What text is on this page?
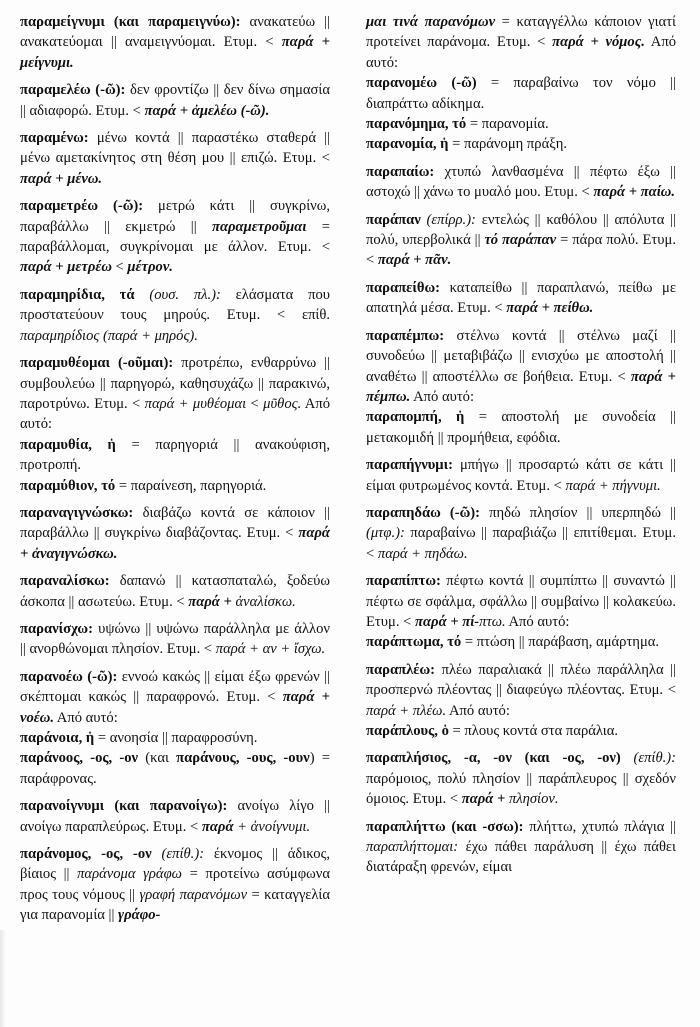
παραμείγνυμι (και παραμειγνύω): ανακατεύω || ανακατεύομαι || αναμειγνύομαι. Ετυμ. < παρά + μείγνυμι.

παραμελέω (-ῶ): δεν φροντίζω || δεν δίνω σημασία || αδιαφορώ. Ετυμ. < παρά + ἀμελέω (-ῶ).

παραμένω: μένω κοντά || παραστέκω σταθερά || μένω αμετακίνητος στη θέση μου || επιζώ. Ετυμ. < παρά + μένω.

παραμετρέω (-ῶ): μετρώ κάτι || συγκρίνω, παραβάλλω || εκμετρώ || παραμετροῦμαι = παραβάλλομαι, συγκρίνομαι με άλλον. Ετυμ. < παρά + μετρέω < μέτρον.

παραμηρίδια, τά (ουσ. πλ.): ελάσματα που προστατεύουν τους μηρούς. Ετυμ. < επίθ. παραμηρίδιος (παρά + μηρός).

παραμυθέομαι (-οῦμαι): προτρέπω, ενθαρρύνω || συμβουλεύω || παρηγορώ, καθησυχάζω || παρακινώ, παροτρύνω. Ετυμ. < παρά + μυθέομαι < μῦθος. Από αυτό:

παραμυθία, ἡ = παρηγοριά || ανακούφιση, προτροπή.

παραμύθιον, τό = παραίνεση, παρηγοριά.

παραναγιγνώσκω: διαβάζω κοντά σε κάποιον || παραβάλλω || συγκρίνω διαβάζοντας. Ετυμ. < παρά + ἀναγιγνώσκω.

παραναλίσκω: δαπανώ || κατασπαταλώ, ξοδεύω άσκοπα || ασωτεύω. Ετυμ. < παρά + ἀναλίσκω.

παρανίσχω: υψώνω || υψώνω παράλληλα με άλλον || ανορθώνομαι πλησίον. Ετυμ. < παρά + αν + ἴσχω.

παρανοέω (-ῶ): εννοώ κακώς || είμαι έξω φρενών || σκέπτομαι κακώς || παραφρονώ. Ετυμ. < παρά + νοέω. Από αυτό:

παράνοια, ἡ = ανοησία || παραφροσύνη.

παράνοος, -ος, -ον (και παράνους, -ους, -ουν) = παράφρονας.

παρανοίγνυμι (και παρανοίγω): ανοίγω λίγο || ανοίγω παραπλεύρως. Ετυμ. < παρά + ἀνοίγνυμι.

παράνομος, -ος, -ον (επίθ.): έκνομος || άδικος, βίαιος || παράνομα γράφω = προτείνω ασύμφωνα προς τους νόμους || γραφή παρανόμων = καταγγελία για παρανομία || γράφο-

μαι τινά παρανόμων = καταγγέλλω κάποιον γιατί προτείνει παράνομα. Ετυμ. < παρά + νόμος. Από αυτό:

παρανομέω (-ῶ) = παραβαίνω τον νόμο || διαπράττω αδίκημα.

παρανόμημα, τό = παρανομία.

παρανομία, ἡ = παράνομη πράξη.

παραπαίω: χτυπώ λανθασμένα || πέφτω έξω || αστοχώ || χάνω το μυαλό μου. Ετυμ. < παρά + παίω.

παράπαν (επίρρ.): εντελώς || καθόλου || απόλυτα || πολύ, υπερβολικά || τό παράπαν = πάρα πολύ. Ετυμ. < παρά + πᾶν.

παραπείθω: καταπείθω || παραπλανώ, πείθω με απατηλά μέσα. Ετυμ. < παρά + πείθω.

παραπέμπω: στέλνω κοντά || στέλνω μαζί || συνοδεύω || μεταβιβάζω || ενισχύω με αποστολή || αναθέτω || αποστέλλω σε βοήθεια. Ετυμ. < παρά + πέμπω. Από αυτό:

παραπομπή, ἡ = αποστολή με συνοδεία || μετακομιδή || προμήθεια, εφόδια.

παραπήγνυμι: μπήγω || προσαρτώ κάτι σε κάτι || είμαι φυτρωμένος κοντά. Ετυμ. < παρά + πήγνυμι.

παραπηδάω (-ῶ): πηδώ πλησίον || υπερπηδώ || (μτφ.): παραβαίνω || παραβιάζω || επιτίθεμαι. Ετυμ. < παρά + πηδάω.

παραπίπτω: πέφτω κοντά || συμπίπτω || συναντώ || πέφτω σε σφάλμα, σφάλλω || συμβαίνω || κολακεύω. Ετυμ. < παρά + πί-πτω. Από αυτό:

παράπτωμα, τό = πτώση || παράβαση, αμάρτημα.

παραπλέω: πλέω παραλιακά || πλέω παράλληλα || προσπερνώ πλέοντας || διαφεύγω πλέοντας. Ετυμ. < παρά + πλέω. Από αυτό:

παράπλους, ὁ = πλους κοντά στα παράλια.

παραπλήσιος, -α, -ον (και -ος, -ον) (επίθ.): παρόμοιος, πολύ πλησίον || παράπλευρος || σχεδόν όμοιος. Ετυμ. < παρά + πλησίον.

παραπλήττω (και -σσω): πλήττω, χτυπώ πλάγια || παραπλήττομαι: έχω πάθει παράλυση || έχω πάθει διατάραξη φρενών, είμαι
